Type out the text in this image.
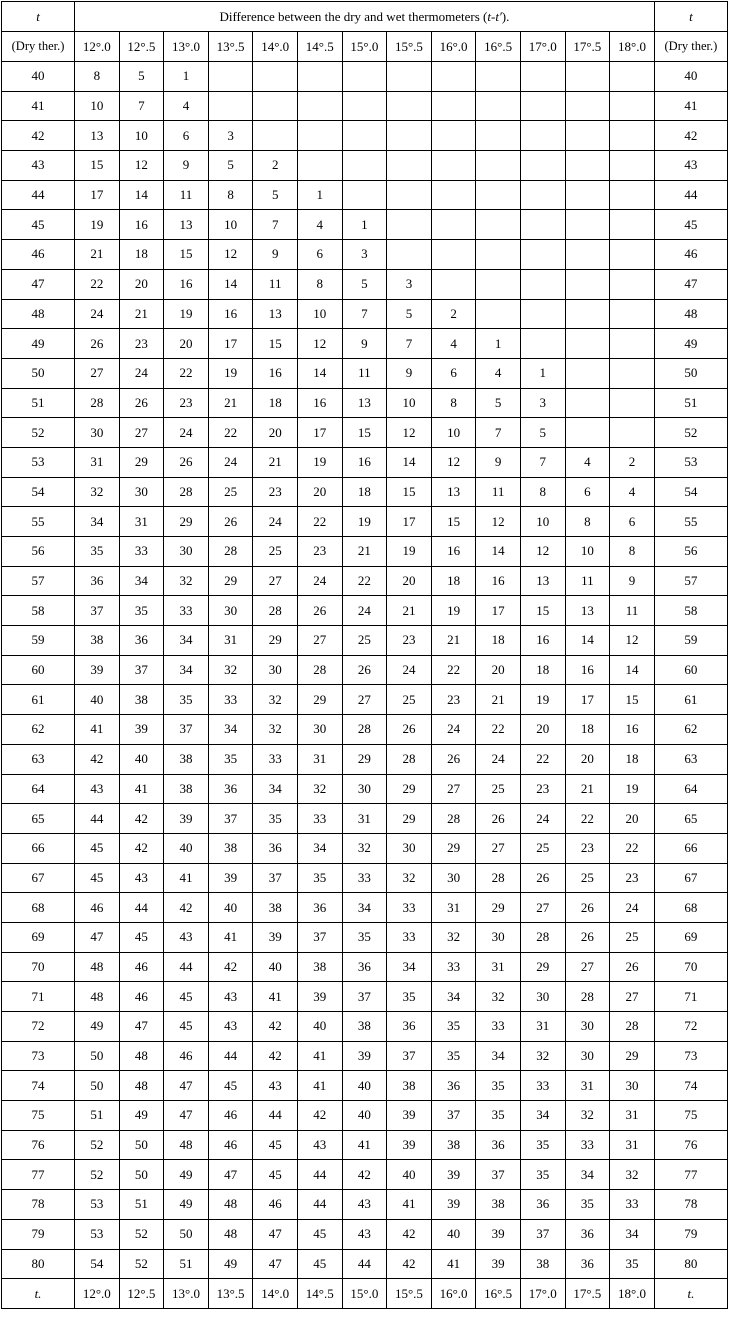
t	Difference between the dry and wet thermometers (t-t′).													t
(Dry ther.)	12°.0	12°.5	13°.0	13°.5	14°.0	14°.5	15°.0	15°.5	16°.0	16°.5	17°.0	17°.5	18°.0	(Dry ther.)
40	8	5	1											40
41	10	7	4											41
42	13	10	6	3										42
43	15	12	9	5	2									43
44	17	14	11	8	5	1								44
45	19	16	13	10	7	4	1							45
46	21	18	15	12	9	6	3							46
47	22	20	16	14	11	8	5	3						47
48	24	21	19	16	13	10	7	5	2					48
49	26	23	20	17	15	12	9	7	4	1				49
50	27	24	22	19	16	14	11	9	6	4	1			50
51	28	26	23	21	18	16	13	10	8	5	3			51
52	30	27	24	22	20	17	15	12	10	7	5			52
53	31	29	26	24	21	19	16	14	12	9	7	4	2	53
54	32	30	28	25	23	20	18	15	13	11	8	6	4	54
55	34	31	29	26	24	22	19	17	15	12	10	8	6	55
56	35	33	30	28	25	23	21	19	16	14	12	10	8	56
57	36	34	32	29	27	24	22	20	18	16	13	11	9	57
58	37	35	33	30	28	26	24	21	19	17	15	13	11	58
59	38	36	34	31	29	27	25	23	21	18	16	14	12	59
60	39	37	34	32	30	28	26	24	22	20	18	16	14	60
61	40	38	35	33	32	29	27	25	23	21	19	17	15	61
62	41	39	37	34	32	30	28	26	24	22	20	18	16	62
63	42	40	38	35	33	31	29	28	26	24	22	20	18	63
64	43	41	38	36	34	32	30	29	27	25	23	21	19	64
65	44	42	39	37	35	33	31	29	28	26	24	22	20	65
66	45	42	40	38	36	34	32	30	29	27	25	23	22	66
67	45	43	41	39	37	35	33	32	30	28	26	25	23	67
68	46	44	42	40	38	36	34	33	31	29	27	26	24	68
69	47	45	43	41	39	37	35	33	32	30	28	26	25	69
70	48	46	44	42	40	38	36	34	33	31	29	27	26	70
71	48	46	45	43	41	39	37	35	34	32	30	28	27	71
72	49	47	45	43	42	40	38	36	35	33	31	30	28	72
73	50	48	46	44	42	41	39	37	35	34	32	30	29	73
74	50	48	47	45	43	41	40	38	36	35	33	31	30	74
75	51	49	47	46	44	42	40	39	37	35	34	32	31	75
76	52	50	48	46	45	43	41	39	38	36	35	33	31	76
77	52	50	49	47	45	44	42	40	39	37	35	34	32	77
78	53	51	49	48	46	44	43	41	39	38	36	35	33	78
79	53	52	50	48	47	45	43	42	40	39	37	36	34	79
80	54	52	51	49	47	45	44	42	41	39	38	36	35	80
t.	12°.0	12°.5	13°.0	13°.5	14°.0	14°.5	15°.0	15°.5	16°.0	16°.5	17°.0	17°.5	18°.0	t.
